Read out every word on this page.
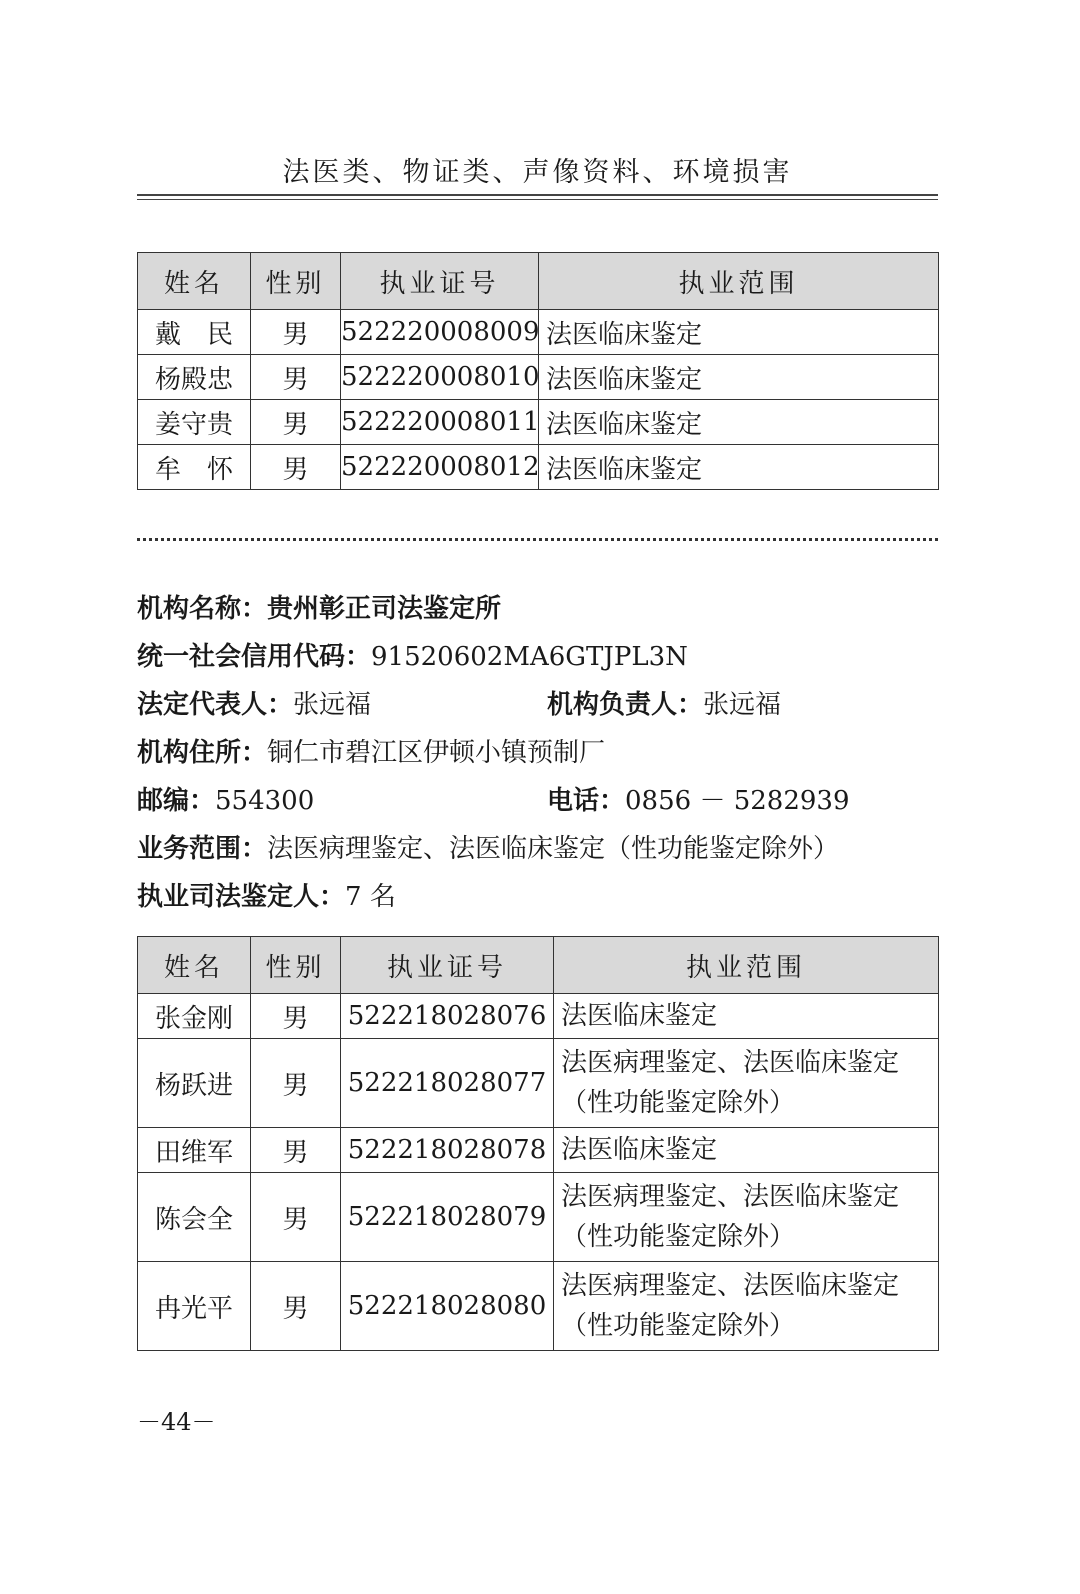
法医类、物证类、声像资料、环境损害
姓名	性别	执业证号	执业范围
戴　民	男	522220008009	法医临床鉴定
杨殿忠	男	522220008010	法医临床鉴定
姜守贵	男	522220008011	法医临床鉴定
牟　怀	男	522220008012	法医临床鉴定
机构名称：贵州彰正司法鉴定所
统一社会信用代码：91520602MA6GTJPL3N
法定代表人：张远福	机构负责人：张远福
机构住所：铜仁市碧江区伊顿小镇预制厂
邮编：554300	电话：0856 － 5282939
业务范围：法医病理鉴定、法医临床鉴定（性功能鉴定除外）
执业司法鉴定人：7 名
姓名	性别	执业证号	执业范围
张金刚	男	522218028076	法医临床鉴定
杨跃进	男	522218028077	法医病理鉴定、法医临床鉴定
（性功能鉴定除外）
田维军	男	522218028078	法医临床鉴定
陈会全	男	522218028079	法医病理鉴定、法医临床鉴定
（性功能鉴定除外）
冉光平	男	522218028080	法医病理鉴定、法医临床鉴定
（性功能鉴定除外）
－44－
